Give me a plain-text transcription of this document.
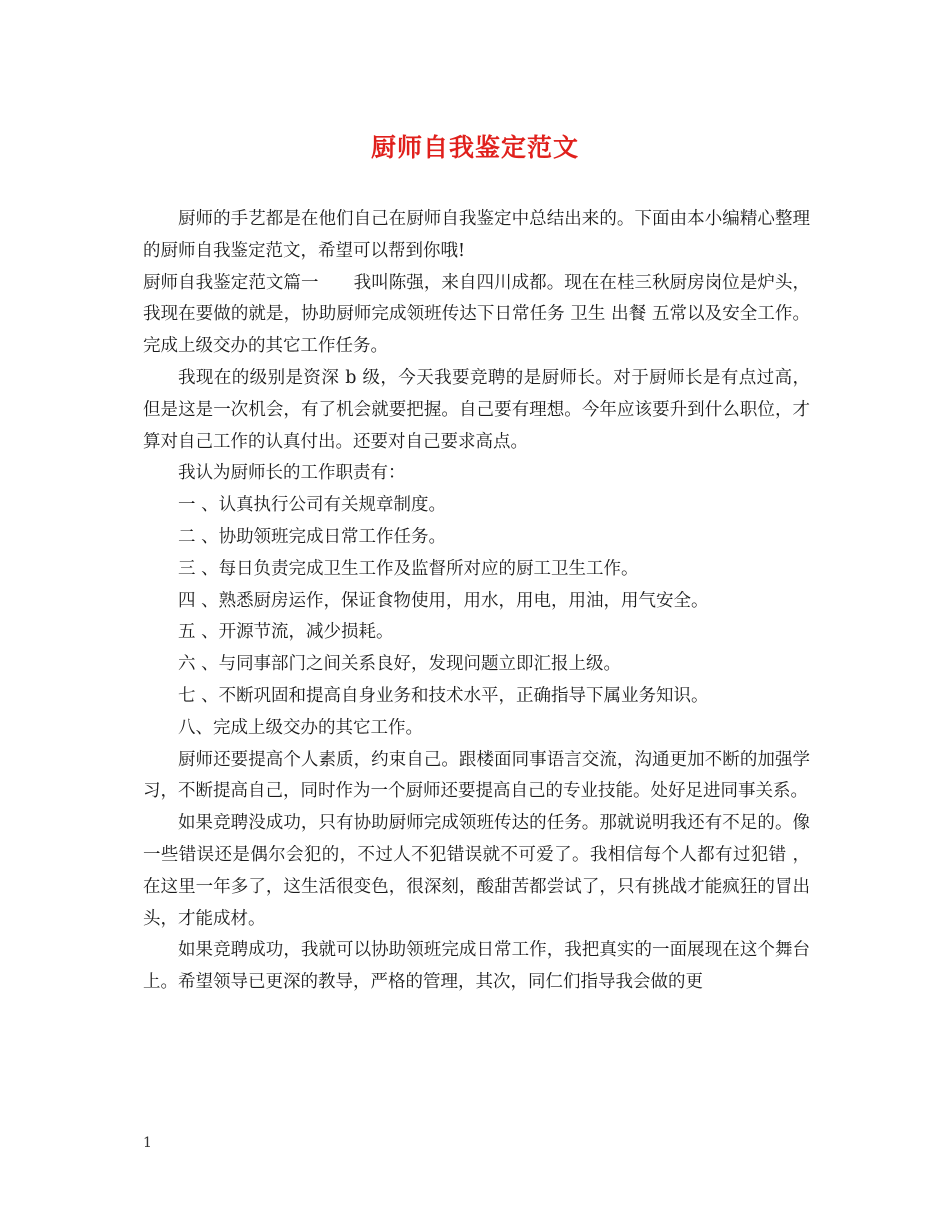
厨师自我鉴定范文

厨师的手艺都是在他们自己在厨师自我鉴定中总结出来的。下面由本小编精心整理的厨师自我鉴定范文，希望可以帮到你哦!

厨师自我鉴定范文篇一　　我叫陈强，来自四川成都。现在在桂三秋厨房岗位是炉头，我现在要做的就是，协助厨师完成领班传达下日常任务 卫生 出餐 五常以及安全工作。完成上级交办的其它工作任务。

我现在的级别是资深 b 级，今天我要竞聘的是厨师长。对于厨师长是有点过高，但是这是一次机会，有了机会就要把握。自己要有理想。今年应该要升到什么职位，才算对自己工作的认真付出。还要对自己要求高点。

我认为厨师长的工作职责有：

一 、认真执行公司有关规章制度。

二 、协助领班完成日常工作任务。

三 、每日负责完成卫生工作及监督所对应的厨工卫生工作。

四 、熟悉厨房运作，保证食物使用，用水，用电，用油，用气安全。

五 、开源节流，减少损耗。

六 、与同事部门之间关系良好，发现问题立即汇报上级。

七 、不断巩固和提高自身业务和技术水平，正确指导下属业务知识。

八、完成上级交办的其它工作。

厨师还要提高个人素质，约束自己。跟楼面同事语言交流，沟通更加不断的加强学习，不断提高自己，同时作为一个厨师还要提高自己的专业技能。处好足进同事关系。

如果竞聘没成功，只有协助厨师完成领班传达的任务。那就说明我还有不足的。像一些错误还是偶尔会犯的，不过人不犯错误就不可爱了。我相信每个人都有过犯错 ，在这里一年多了，这生活很变色，很深刻，酸甜苦都尝试了，只有挑战才能疯狂的冒出头，才能成材。

如果竞聘成功，我就可以协助领班完成日常工作，我把真实的一面展现在这个舞台上。希望领导已更深的教导，严格的管理，其次，同仁们指导我会做的更

1
